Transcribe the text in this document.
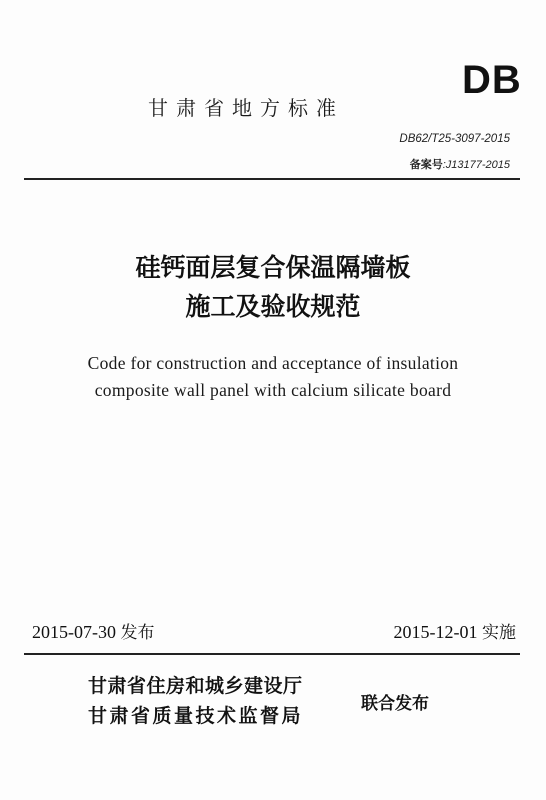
甘肃省地方标准
DB
DB62/T25-3097-2015
备案号:J13177-2015
硅钙面层复合保温隔墙板
施工及验收规范
Code for construction and acceptance of insulation
composite wall panel with calcium silicate board
2015-07-30 发布	2015-12-01 实施
甘肃省住房和城乡建设厅
甘肃省质量技术监督局
联合发布
